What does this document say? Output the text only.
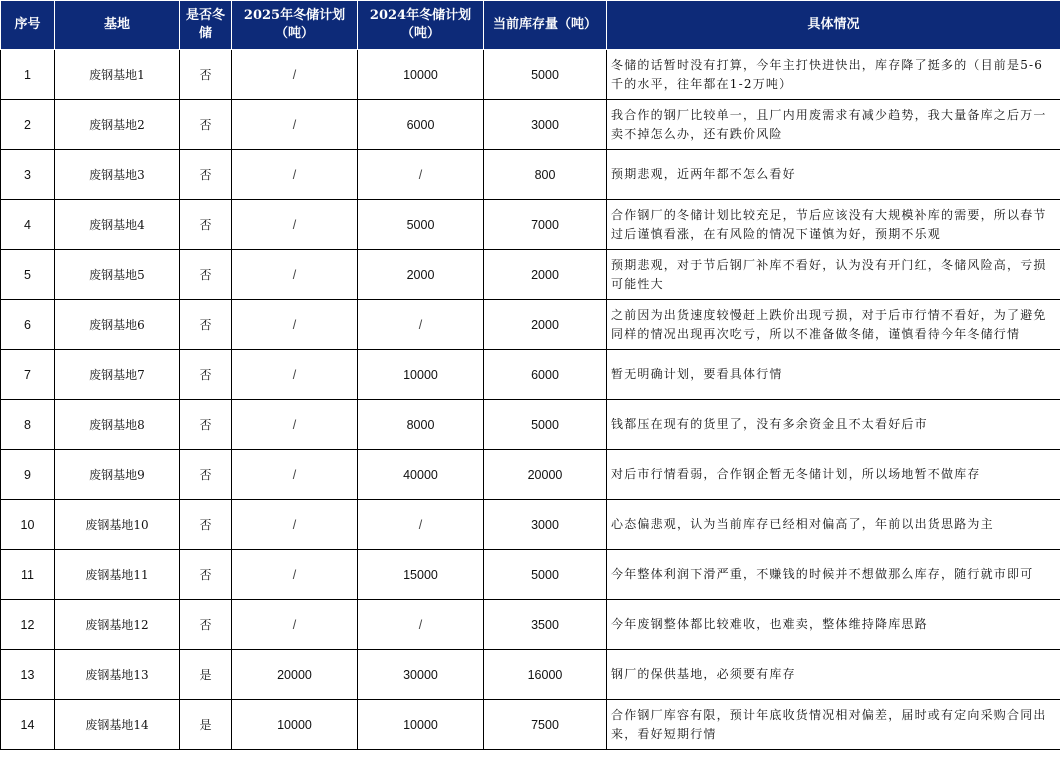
序号	基地	是否冬储	2025年冬储计划（吨）	2024年冬储计划（吨）	当前库存量（吨）	具体情况
1	废钢基地1	否	/	10000	5000	冬储的话暂时没有打算，今年主打快进快出，库存降了挺多的（目前是5-6千的水平，往年都在1-2万吨）
2	废钢基地2	否	/	6000	3000	我合作的钢厂比较单一，且厂内用废需求有减少趋势，我大量备库之后万一卖不掉怎么办，还有跌价风险
3	废钢基地3	否	/	/	800	预期悲观，近两年都不怎么看好
4	废钢基地4	否	/	5000	7000	合作钢厂的冬储计划比较充足，节后应该没有大规模补库的需要，所以春节过后谨慎看涨，在有风险的情况下谨慎为好，预期不乐观
5	废钢基地5	否	/	2000	2000	预期悲观，对于节后钢厂补库不看好，认为没有开门红，冬储风险高，亏损可能性大
6	废钢基地6	否	/	/	2000	之前因为出货速度较慢赶上跌价出现亏损，对于后市行情不看好，为了避免同样的情况出现再次吃亏，所以不准备做冬储，谨慎看待今年冬储行情
7	废钢基地7	否	/	10000	6000	暂无明确计划，要看具体行情
8	废钢基地8	否	/	8000	5000	钱都压在现有的货里了，没有多余资金且不太看好后市
9	废钢基地9	否	/	40000	20000	对后市行情看弱，合作钢企暂无冬储计划，所以场地暂不做库存
10	废钢基地10	否	/	/	3000	心态偏悲观，认为当前库存已经相对偏高了，年前以出货思路为主
11	废钢基地11	否	/	15000	5000	今年整体利润下滑严重，不赚钱的时候并不想做那么库存，随行就市即可
12	废钢基地12	否	/	/	3500	今年废钢整体都比较难收，也难卖，整体维持降库思路
13	废钢基地13	是	20000	30000	16000	钢厂的保供基地，必须要有库存
14	废钢基地14	是	10000	10000	7500	合作钢厂库容有限，预计年底收货情况相对偏差，届时或有定向采购合同出来，看好短期行情
